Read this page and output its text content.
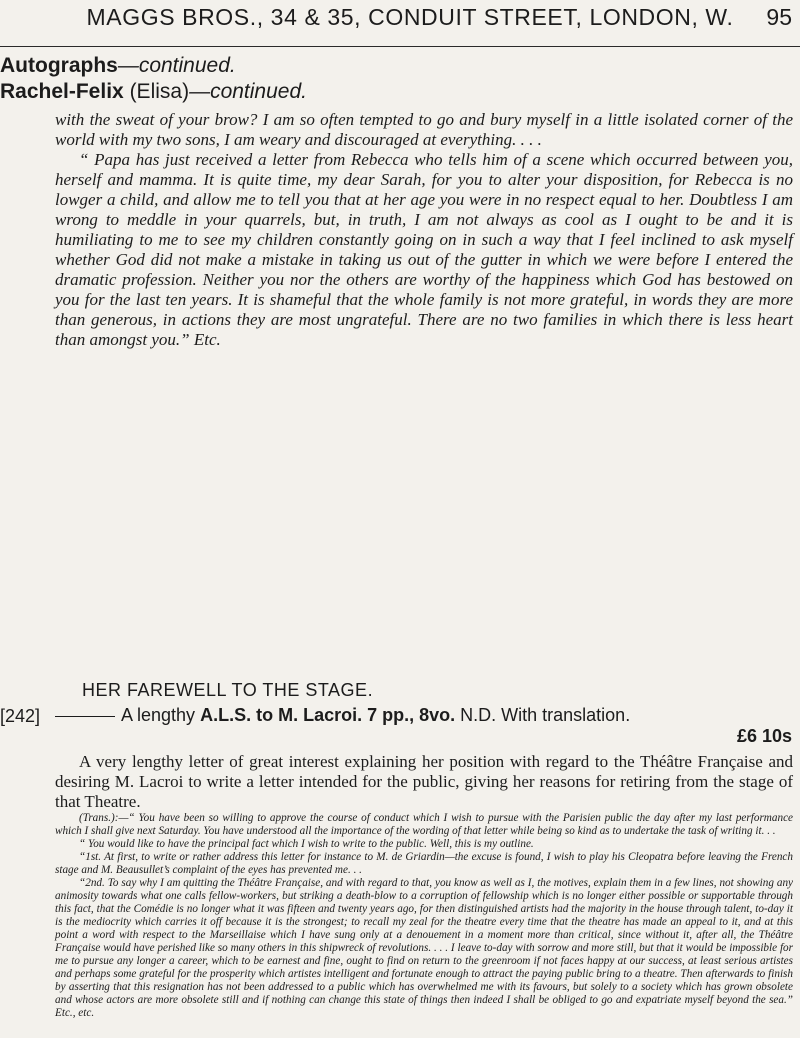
MAGGS BROS., 34 & 35, CONDUIT STREET, LONDON, W.	95
Autographs—continued.
Rachel-Felix (Elisa)—continued.

with the sweat of your brow? I am so often tempted to go and bury myself in a little isolated corner of the world with my two sons, I am weary and discouraged at everything. . . .

“ Papa has just received a letter from Rebecca who tells him of a scene which occurred between you, herself and mamma. It is quite time, my dear Sarah, for you to alter your disposition, for Rebecca is no lowger a child, and allow me to tell you that at her age you were in no respect equal to her. Doubtless I am wrong to meddle in your quarrels, but, in truth, I am not always as cool as I ought to be and it is humiliating to me to see my children constantly going on in such a way that I feel inclined to ask myself whether God did not make a mistake in taking us out of the gutter in which we were before I entered the dramatic profession. Neither you nor the others are worthy of the happiness which God has bestowed on you for the last ten years. It is shameful that the whole family is not more grateful, in words they are more than generous, in actions they are most ungrateful. There are no two families in which there is less heart than amongst you.” Etc.

HER FAREWELL TO THE STAGE.
[242]	A lengthy A.L.S. to M. Lacroi. 7 pp., 8vo. N.D. With translation.
£6 10s

A very lengthy letter of great interest explaining her position with regard to the Théâtre Française and desiring M. Lacroi to write a letter intended for the public, giving her reasons for retiring from the stage of that Theatre.

(Trans.):—“ You have been so willing to approve the course of conduct which I wish to pursue with the Parisien public the day after my last performance which I shall give next Saturday. You have understood all the importance of the wording of that letter while being so kind as to undertake the task of writing it. . .

“ You would like to have the principal fact which I wish to write to the public. Well, this is my outline.

“1st. At first, to write or rather address this letter for instance to M. de Griardin—the excuse is found, I wish to play his Cleopatra before leaving the French stage and M. Beausullet’s complaint of the eyes has prevented me. . .

“2nd. To say why I am quitting the Théâtre Française, and with regard to that, you know as well as I, the motives, explain them in a few lines, not showing any animosity towards what one calls fellow-workers, but striking a death-blow to a corruption of fellowship which is no longer either possible or supportable through this fact, that the Comédie is no longer what it was fifteen and twenty years ago, for then distinguished artists had the majority in the house through talent, to-day it is the mediocrity which carries it off because it is the strongest; to recall my zeal for the theatre every time that the theatre has made an appeal to it, and at this point a word with respect to the Marseillaise which I have sung only at a denouement in a moment more than critical, since without it, after all, the Théâtre Française would have perished like so many others in this shipwreck of revolutions. . . . I leave to-day with sorrow and more still, but that it would be impossible for me to pursue any longer a career, which to be earnest and fine, ought to find on return to the greenroom if not faces happy at our success, at least serious artistes and perhaps some grateful for the prosperity which artistes intelligent and fortunate enough to attract the paying public bring to a theatre. Then afterwards to finish by asserting that this resignation has not been addressed to a public which has overwhelmed me with its favours, but solely to a society which has grown obsolete and whose actors are more obsolete still and if nothing can change this state of things then indeed I shall be obliged to go and expatriate myself beyond the sea.” Etc., etc.
